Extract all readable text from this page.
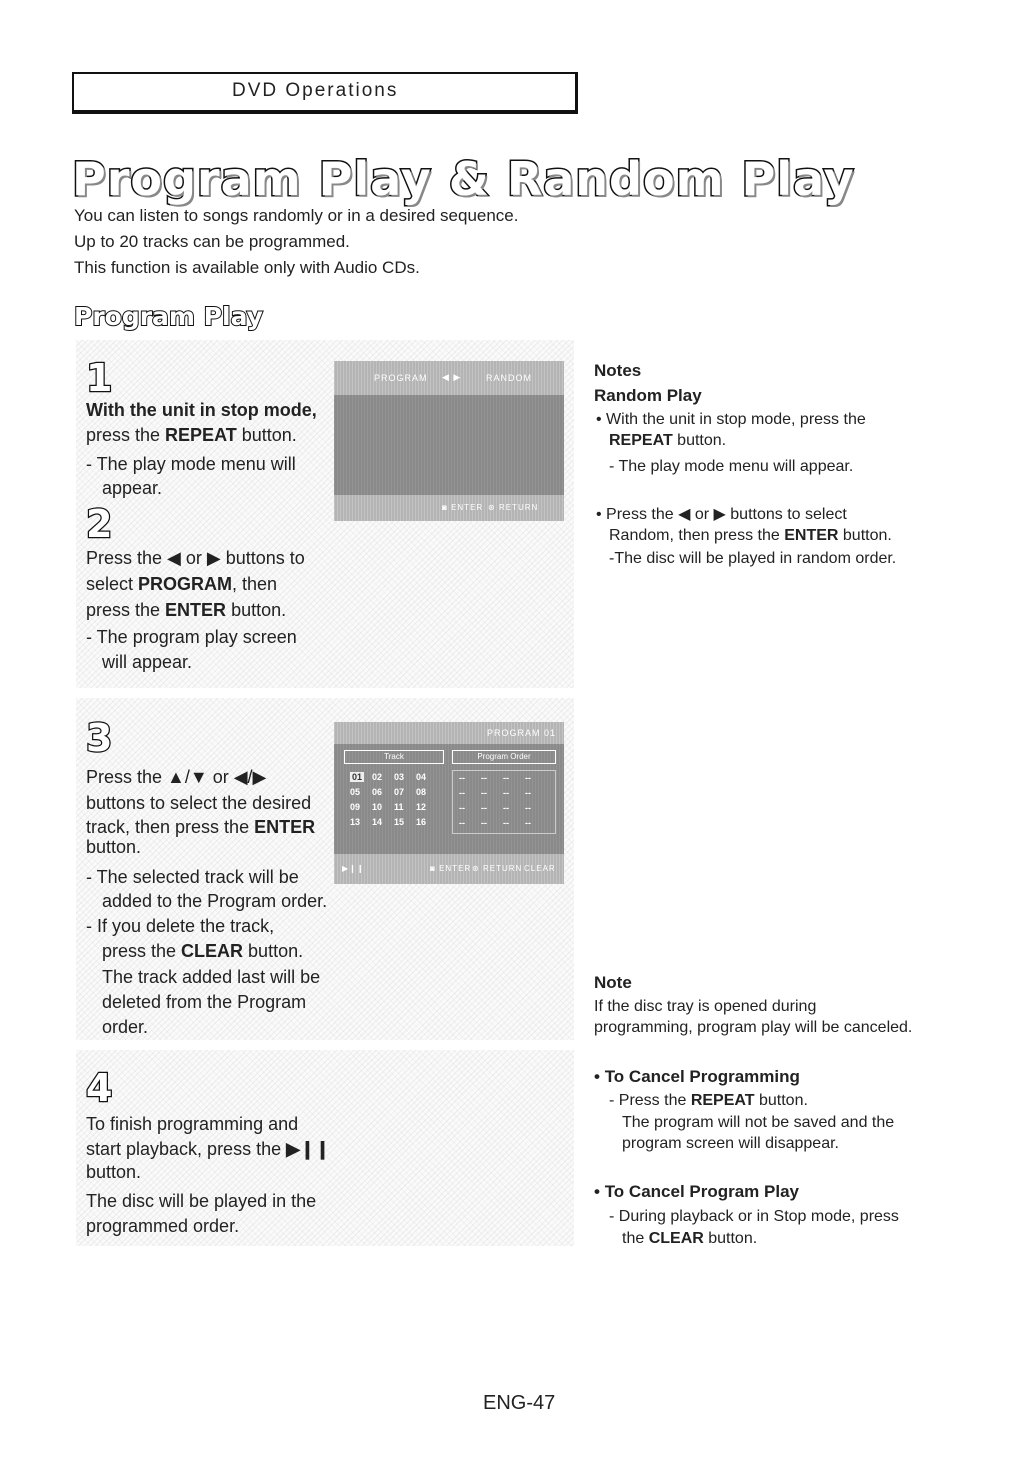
DVD Operations
Program Play & Random Play
You can listen to songs randomly or in a desired sequence.
Up to 20 tracks can be programmed.
This function is available only with Audio CDs.
Program Play
1
With the unit in stop mode,
press the REPEAT button.
- The play mode menu will
appear.
2
Press the ◀ or ▶ buttons to
select PROGRAM, then
press the ENTER button.
- The program play screen
will appear.
PROGRAM ◀ ▶	RANDOM
◙ ENTER ⊛ RETURN
3
Press the ▲/▼ or ◀/▶
buttons to select the desired
track, then press the ENTER
button.
- The selected track will be
added to the Program order.
- If you delete the track,
press the CLEAR button.
The track added last will be
deleted from the Program
order.
PROGRAM 01
Track	Program Order
01 02 03 04
05 06 07 08
09 10 11 12
13 14 15 16
-- -- -- --
-- -- -- --
-- -- -- --
-- -- -- --
▶❙❙	◙ ENTER ⊛ RETURN CLEAR
4
To finish programming and
start playback, press the ▶❙❙
button.
The disc will be played in the
programmed order.
Notes
Random Play
• With the unit in stop mode, press the
REPEAT button.
- The play mode menu will appear.
• Press the ◀ or ▶ buttons to select
Random, then press the ENTER button.
-The disc will be played in random order.
Note
If the disc tray is opened during
programming, program play will be canceled.
• To Cancel Programming
- Press the REPEAT button.
The program will not be saved and the
program screen will disappear.
• To Cancel Program Play
- During playback or in Stop mode, press
the CLEAR button.
ENG-47
